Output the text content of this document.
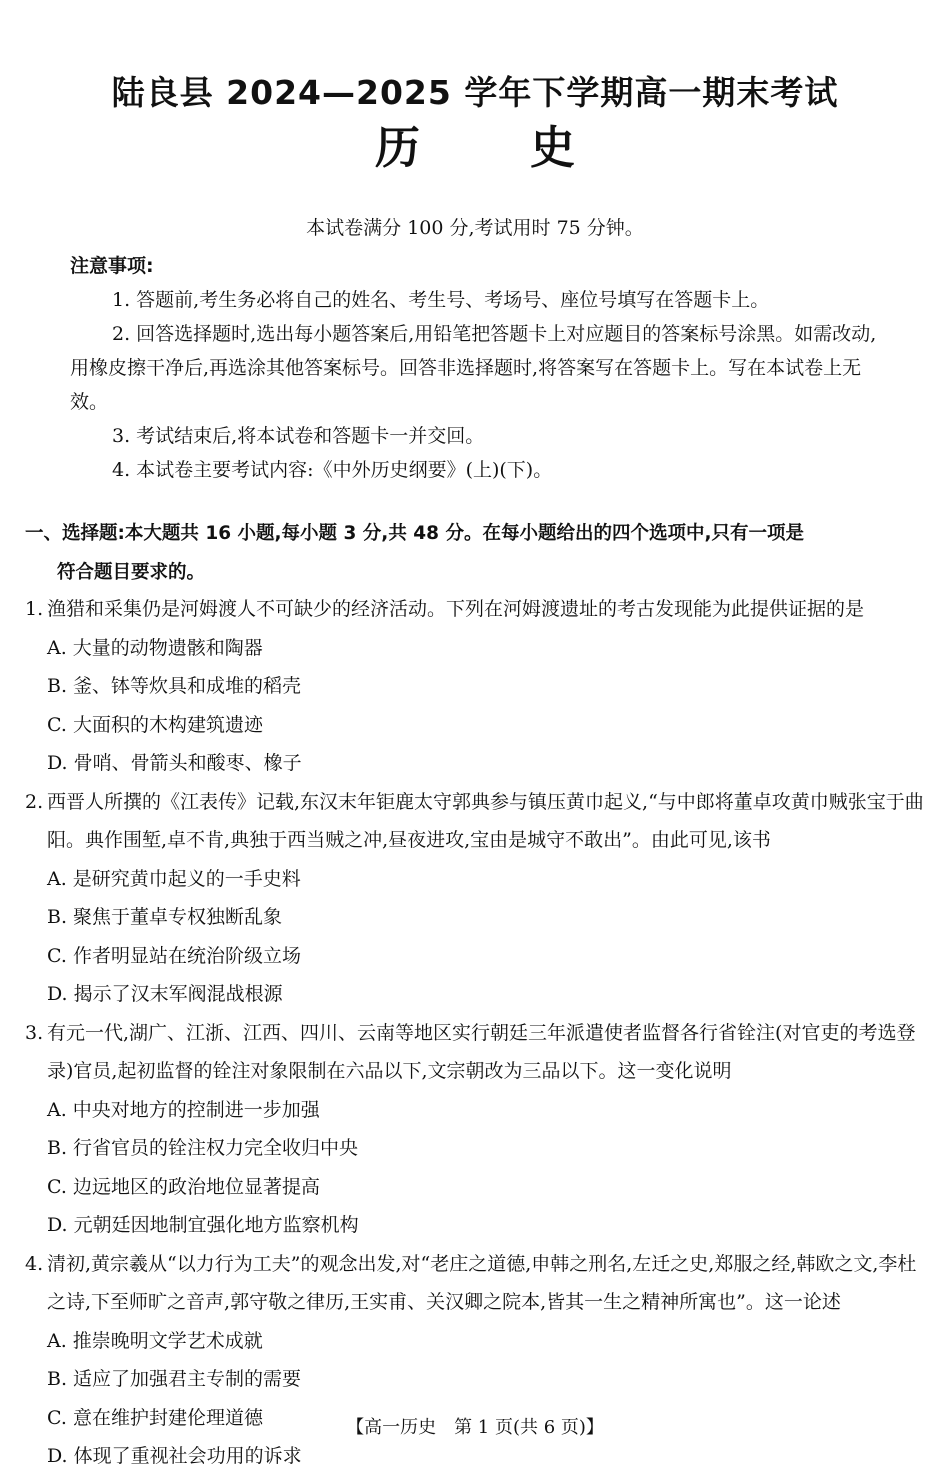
陆良县 2024—2025 学年下学期高一期末考试
历史
本试卷满分 100 分,考试用时 75 分钟。
注意事项:

1. 答题前,考生务必将自己的姓名、考生号、考场号、座位号填写在答题卡上。

2. 回答选择题时,选出每小题答案后,用铅笔把答题卡上对应题目的答案标号涂黑。如需改动,用橡皮擦干净后,再选涂其他答案标号。回答非选择题时,将答案写在答题卡上。写在本试卷上无效。

3. 考试结束后,将本试卷和答题卡一并交回。

4. 本试卷主要考试内容:《中外历史纲要》(上)(下)。

一、选择题:本大题共 16 小题,每小题 3 分,共 48 分。在每小题给出的四个选项中,只有一项是
符合题目要求的。
1. 渔猎和采集仍是河姆渡人不可缺少的经济活动。下列在河姆渡遗址的考古发现能为此提供证据的是
A. 大量的动物遗骸和陶器
B. 釜、钵等炊具和成堆的稻壳
C. 大面积的木构建筑遗迹
D. 骨哨、骨箭头和酸枣、橡子
2. 西晋人所撰的《江表传》记载,东汉末年钜鹿太守郭典参与镇压黄巾起义,“与中郎将董卓攻黄巾贼张宝于曲阳。典作围堑,卓不肯,典独于西当贼之冲,昼夜进攻,宝由是城守不敢出”。由此可见,该书
A. 是研究黄巾起义的一手史料
B. 聚焦于董卓专权独断乱象
C. 作者明显站在统治阶级立场
D. 揭示了汉末军阀混战根源
3. 有元一代,湖广、江浙、江西、四川、云南等地区实行朝廷三年派遣使者监督各行省铨注(对官吏的考选登录)官员,起初监督的铨注对象限制在六品以下,文宗朝改为三品以下。这一变化说明
A. 中央对地方的控制进一步加强
B. 行省官员的铨注权力完全收归中央
C. 边远地区的政治地位显著提高
D. 元朝廷因地制宜强化地方监察机构
4. 清初,黄宗羲从“以力行为工夫”的观念出发,对“老庄之道德,申韩之刑名,左迁之史,郑服之经,韩欧之文,李杜之诗,下至师旷之音声,郭守敬之律历,王实甫、关汉卿之院本,皆其一生之精神所寓也”。这一论述
A. 推崇晚明文学艺术成就
B. 适应了加强君主专制的需要
C. 意在维护封建伦理道德
D. 体现了重视社会功用的诉求
【高一历史　第 1 页(共 6 页)】
